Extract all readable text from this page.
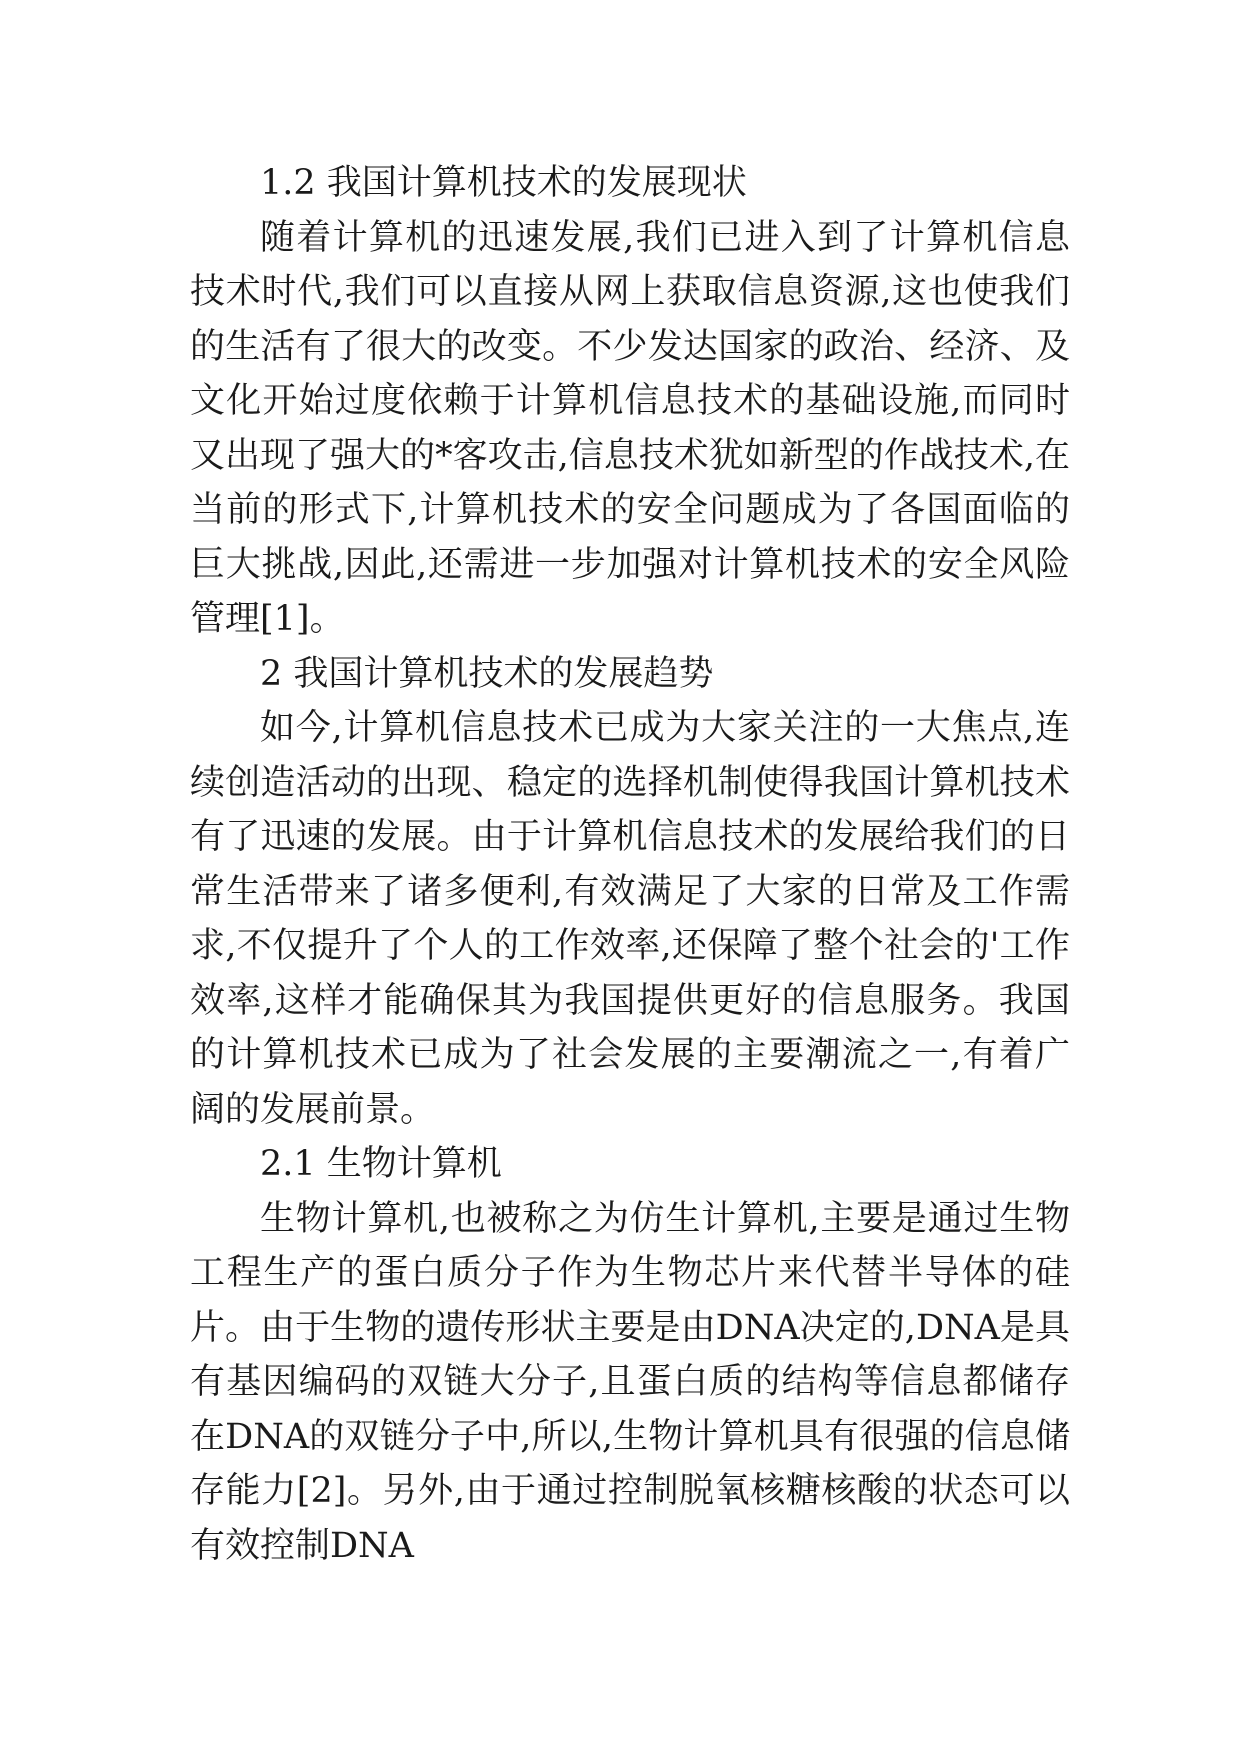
1.2 我国计算机技术的发展现状

随着计算机的迅速发展,我们已进入到了计算机信息技术时代,我们可以直接从网上获取信息资源,这也使我们的生活有了很大的改变。不少发达国家的政治、经济、及文化开始过度依赖于计算机信息技术的基础设施,而同时又出现了强大的*客攻击,信息技术犹如新型的作战技术,在当前的形式下,计算机技术的安全问题成为了各国面临的巨大挑战,因此,还需进一步加强对计算机技术的安全风险管理[1]。

2 我国计算机技术的发展趋势

如今,计算机信息技术已成为大家关注的一大焦点,连续创造活动的出现、稳定的选择机制使得我国计算机技术有了迅速的发展。由于计算机信息技术的发展给我们的日常生活带来了诸多便利,有效满足了大家的日常及工作需求,不仅提升了个人的工作效率,还保障了整个社会的'工作效率,这样才能确保其为我国提供更好的信息服务。我国的计算机技术已成为了社会发展的主要潮流之一,有着广阔的发展前景。

2.1 生物计算机

生物计算机,也被称之为仿生计算机,主要是通过生物工程生产的蛋白质分子作为生物芯片来代替半导体的硅片。由于生物的遗传形状主要是由DNA决定的,DNA是具有基因编码的双链大分子,且蛋白质的结构等信息都储存在DNA的双链分子中,所以,生物计算机具有很强的信息储存能力[2]。另外,由于通过控制脱氧核糖核酸的状态可以有效控制DNA
